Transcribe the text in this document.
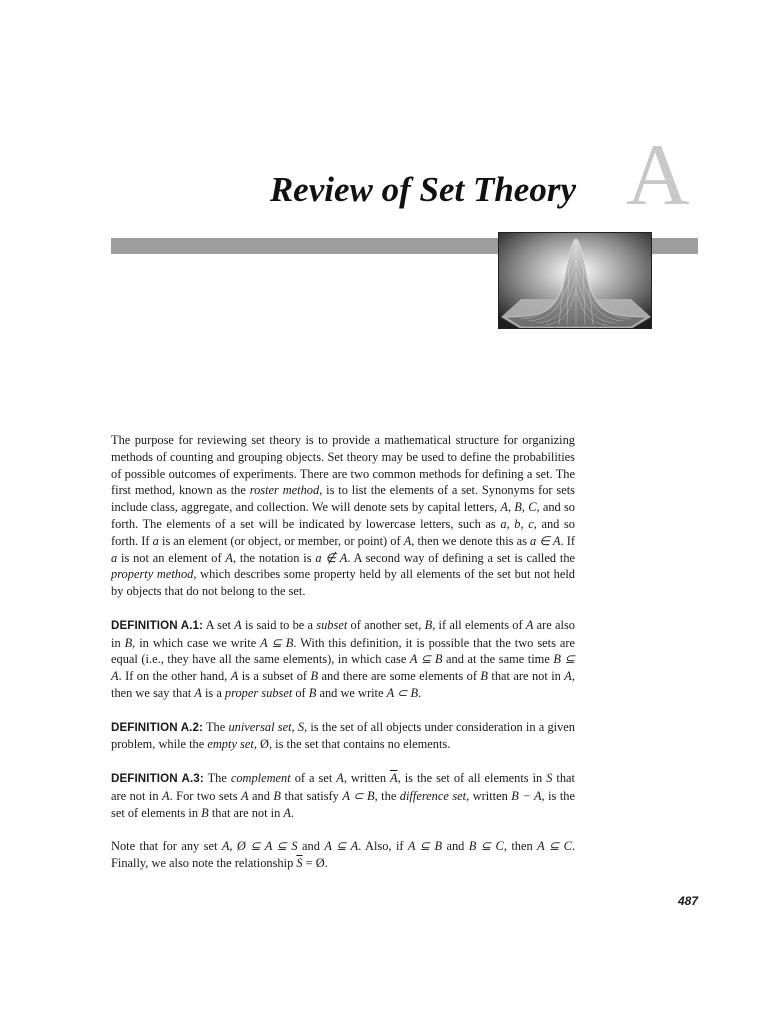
A
Review of Set Theory

The purpose for reviewing set theory is to provide a mathematical structure for organizing methods of counting and grouping objects. Set theory may be used to define the probabilities of possible outcomes of experiments. There are two common methods for defining a set. The first method, known as the roster method, is to list the elements of a set. Synonyms for sets include class, aggregate, and collection. We will denote sets by capital letters, A, B, C, and so forth. The elements of a set will be indicated by lowercase letters, such as a, b, c, and so forth. If a is an element (or object, or member, or point) of A, then we denote this as a ∈ A. If a is not an element of A, the notation is a ∉ A. A second way of defining a set is called the property method, which describes some property held by all elements of the set but not held by objects that do not belong to the set.

DEFINITION A.1: A set A is said to be a subset of another set, B, if all elements of A are also in B, in which case we write A ⊆ B. With this definition, it is possible that the two sets are equal (i.e., they have all the same elements), in which case A ⊆ B and at the same time B ⊆ A. If on the other hand, A is a subset of B and there are some elements of B that are not in A, then we say that A is a proper subset of B and we write A ⊂ B.

DEFINITION A.2: The universal set, S, is the set of all objects under consideration in a given problem, while the empty set, Ø, is the set that contains no elements.

DEFINITION A.3: The complement of a set A, written $\overline{A}$, is the set of all elements in S that are not in A. For two sets A and B that satisfy A ⊂ B, the difference set, written B − A, is the set of elements in B that are not in A.

Note that for any set A, Ø ⊆ A ⊆ S and A ⊆ A. Also, if A ⊆ B and B ⊆ C, then A ⊆ C. Finally, we also note the relationship $\overline{S}$ = Ø.

487
